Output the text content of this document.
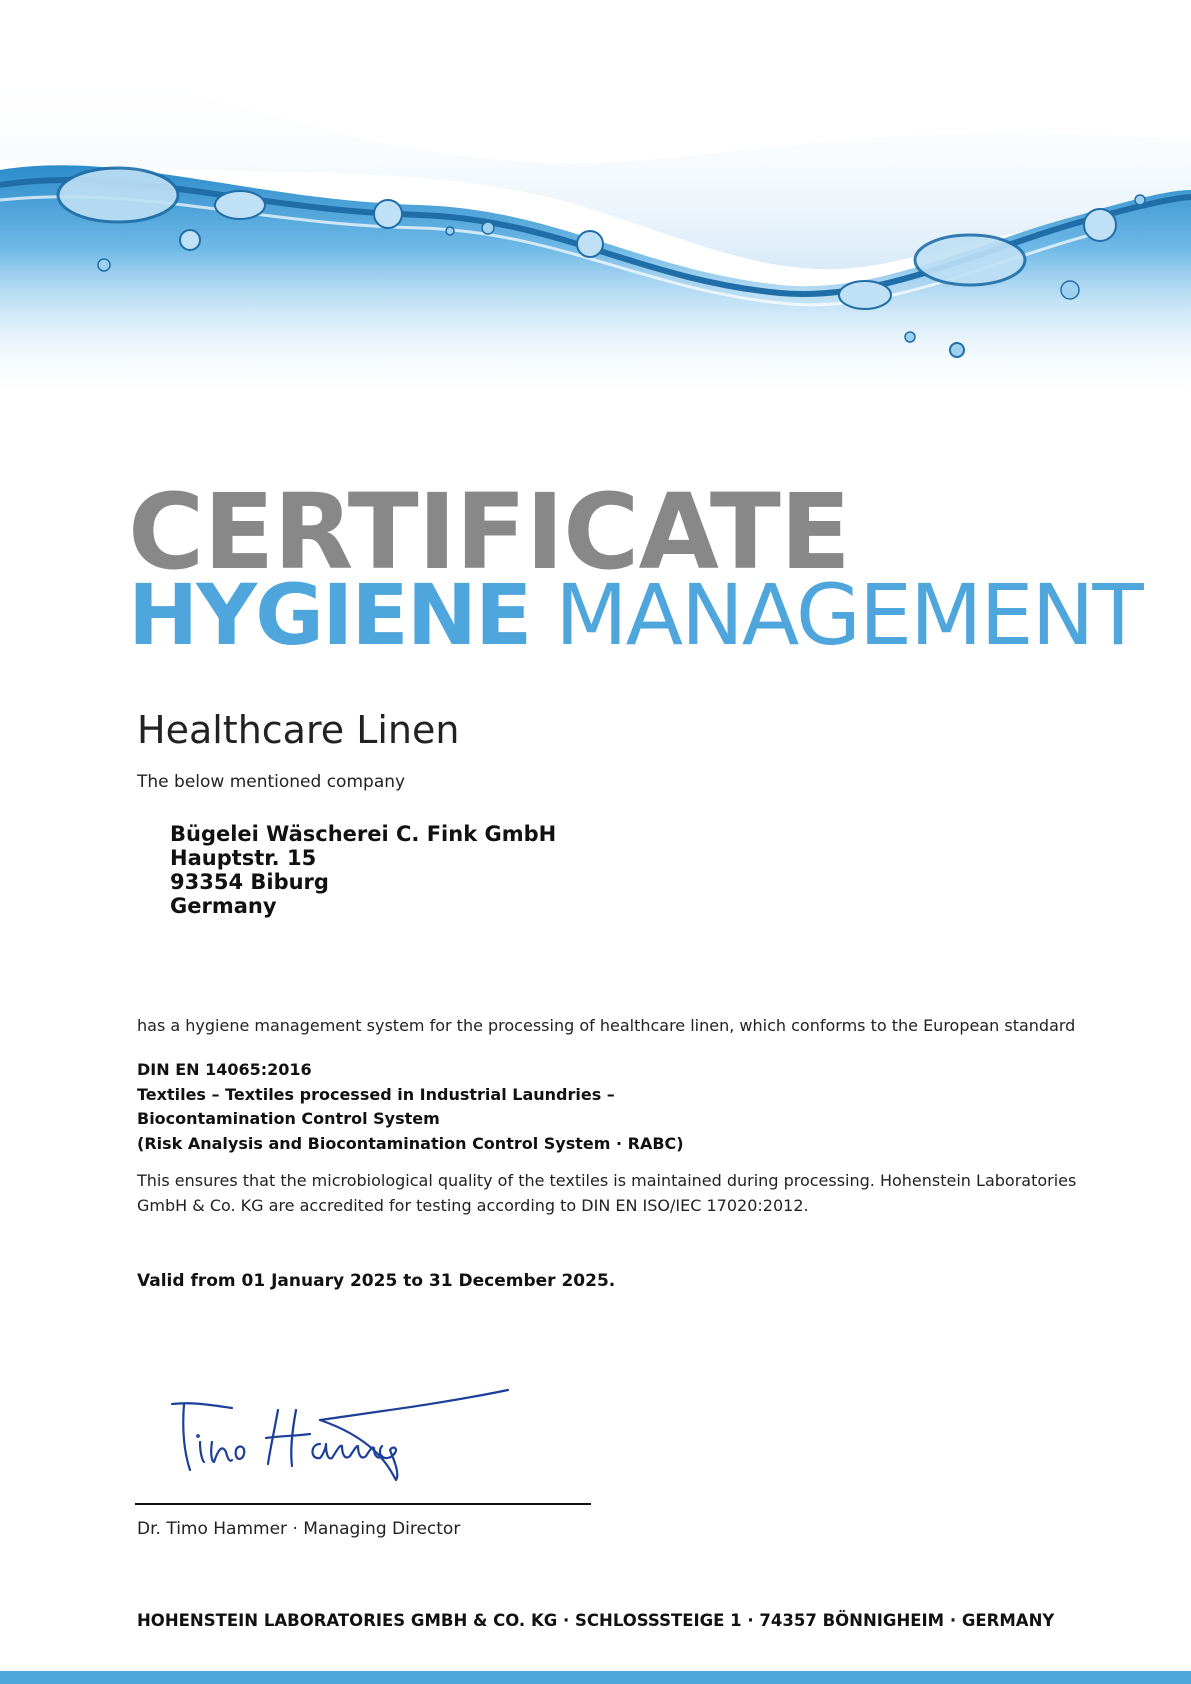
CERTIFICATE
HYGIENE MANAGEMENT
Healthcare Linen
The below mentioned company
Bügelei Wäscherei C. Fink GmbH
Hauptstr. 15
93354 Biburg
Germany
has a hygiene management system for the processing of healthcare linen, which conforms to the European standard
DIN EN 14065:2016
Textiles – Textiles processed in Industrial Laundries –
Biocontamination Control System
(Risk Analysis and Biocontamination Control System · RABC)
This ensures that the microbiological quality of the textiles is maintained during processing. Hohenstein Laboratories GmbH & Co. KG are accredited for testing according to DIN EN ISO/IEC 17020:2012.
Valid from 01 January 2025 to 31 December 2025.
Dr. Timo Hammer · Managing Director
HOHENSTEIN LABORATORIES GMBH & CO. KG · SCHLOSSSTEIGE 1 · 74357 BÖNNIGHEIM · GERMANY
